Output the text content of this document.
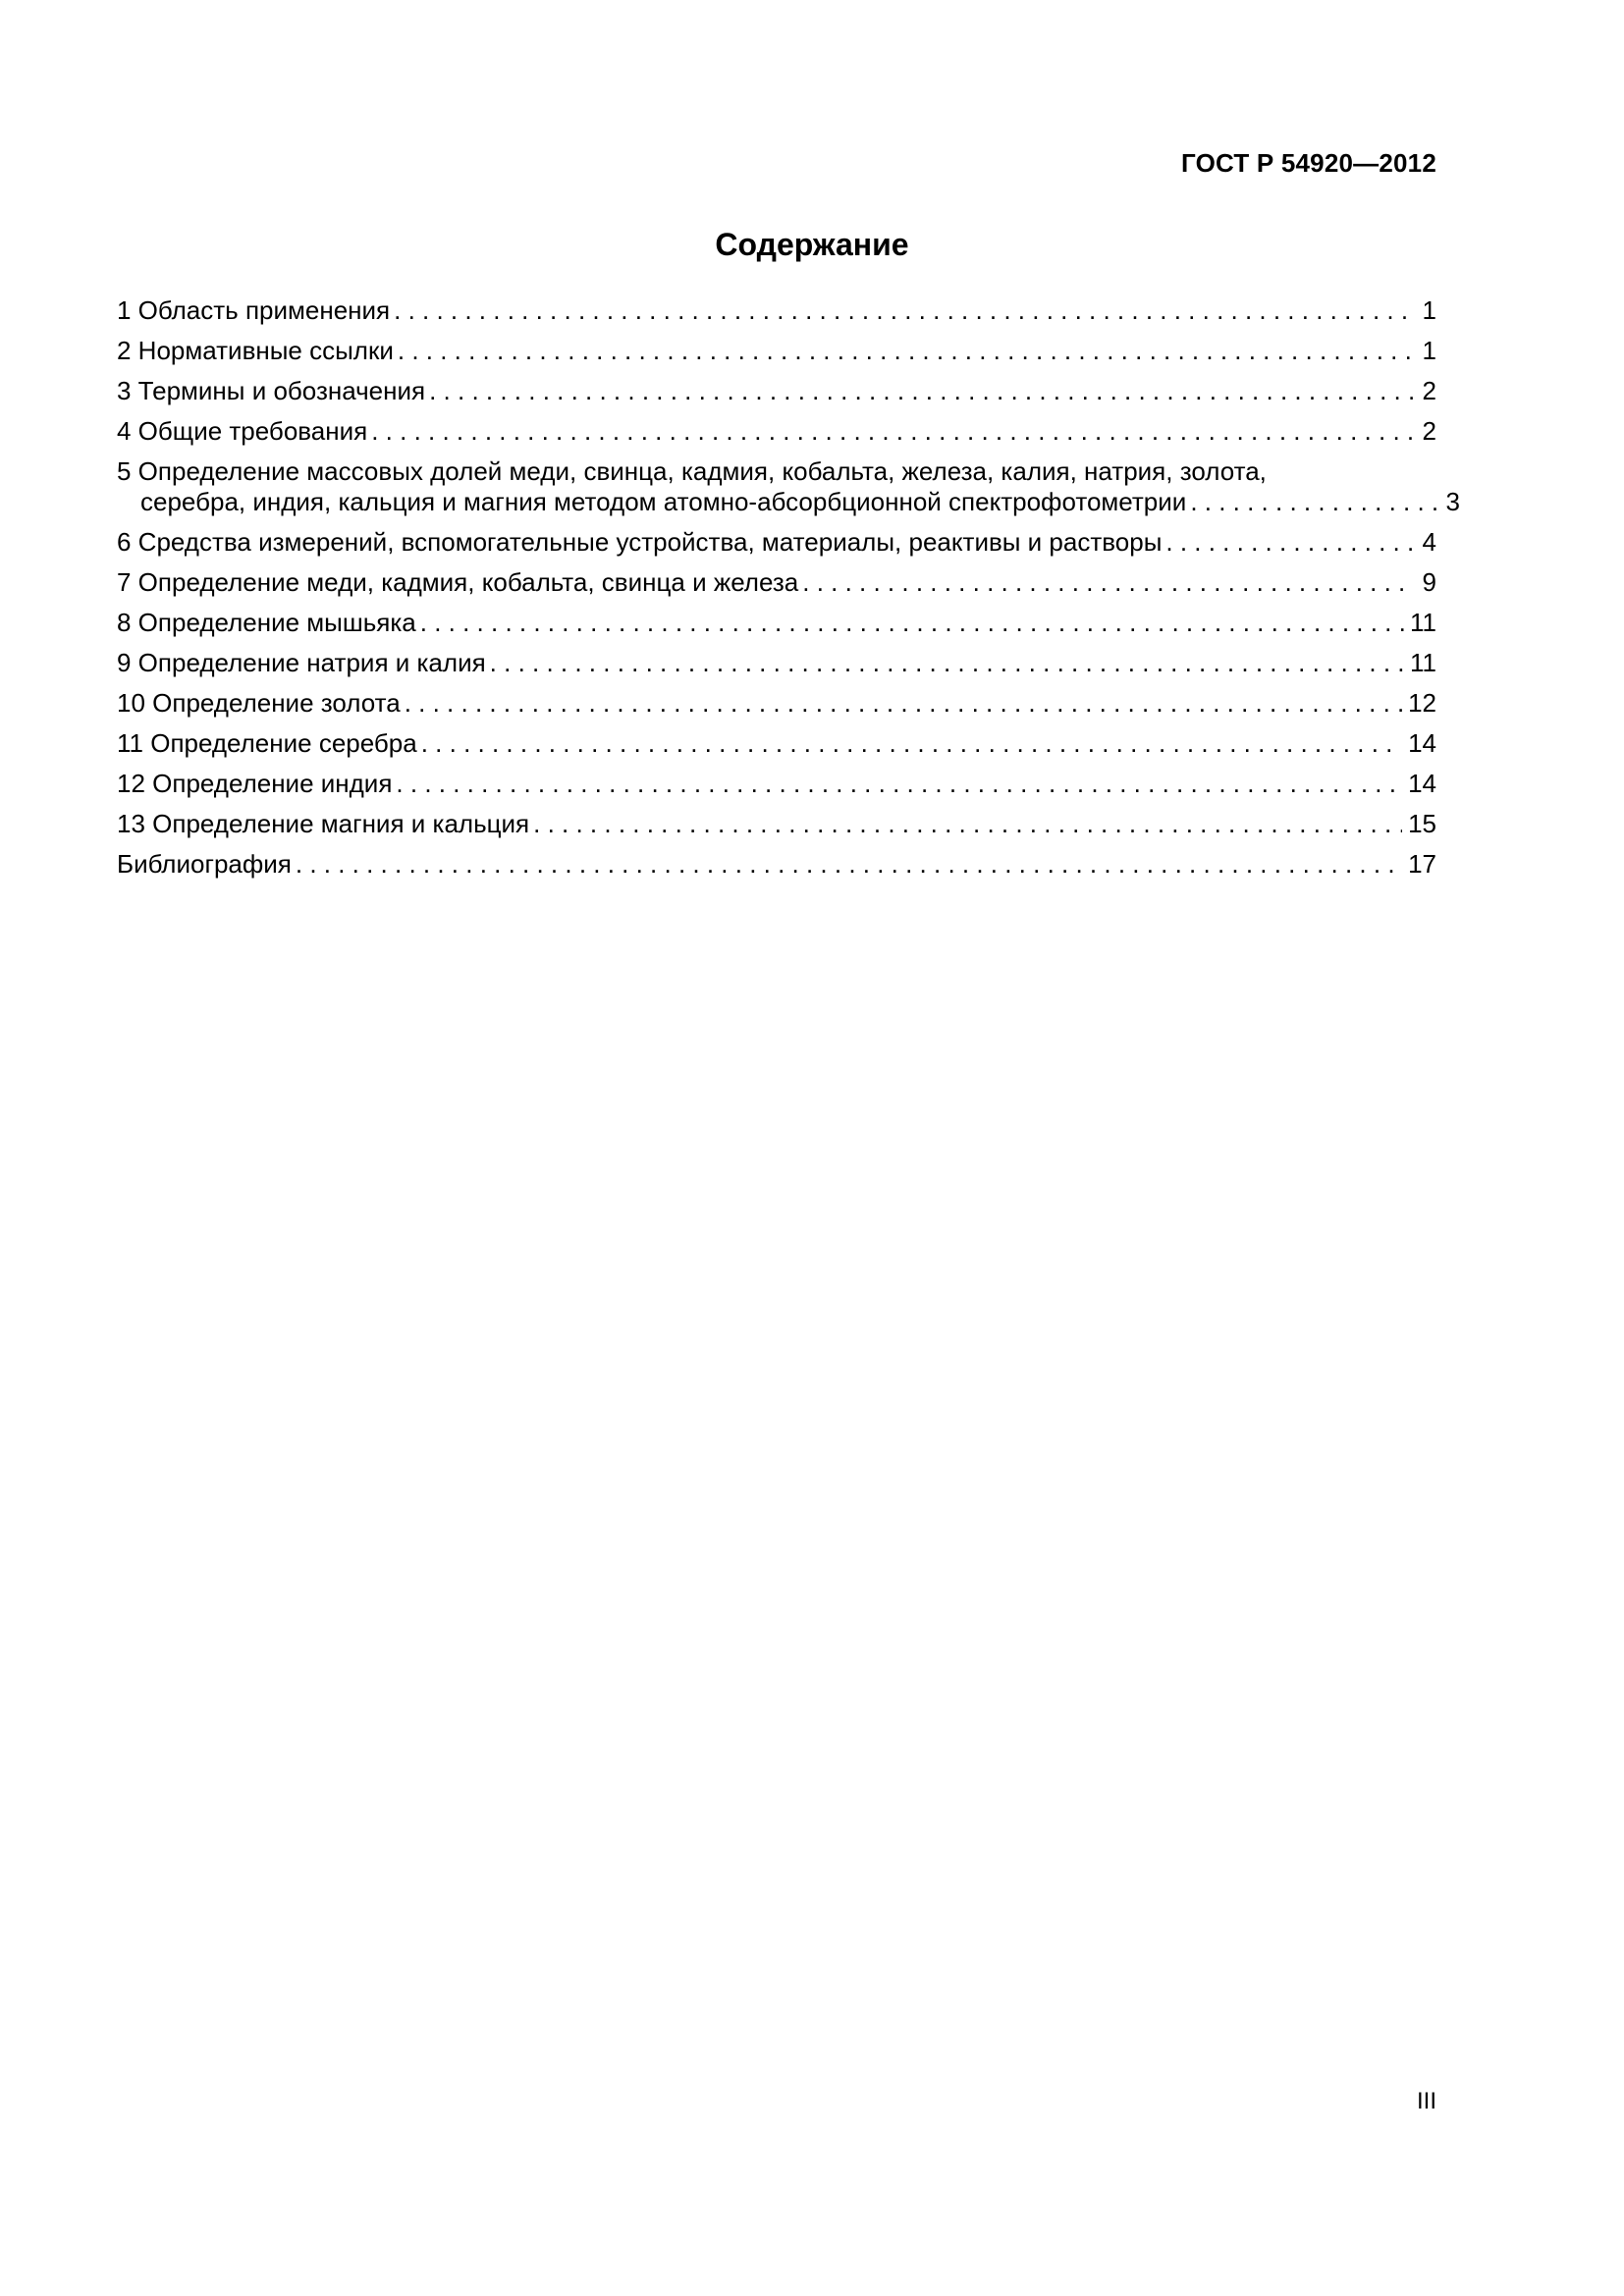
ГОСТ Р 54920—2012
Содержание
1 Область применения . . .	1
2 Нормативные ссылки . . .	1
3 Термины и обозначения . . .	2
4 Общие требования . . .	2
5 Определение массовых долей меди, свинца, кадмия, кобальта, железа, калия, натрия, золота,
серебра, индия, кальция и магния методом атомно-абсорбционной спектрофотометрии . . .	3
6 Средства измерений, вспомогательные устройства, материалы, реактивы и растворы . . .	4
7 Определение меди, кадмия, кобальта, свинца и железа . . .	9
8 Определение мышьяка . . .	11
9 Определение натрия и калия . . .	11
10 Определение золота . . .	12
11 Определение серебра . . .	14
12 Определение индия . . .	14
13 Определение магния и кальция . . .	15
Библиография . . .	17
III
